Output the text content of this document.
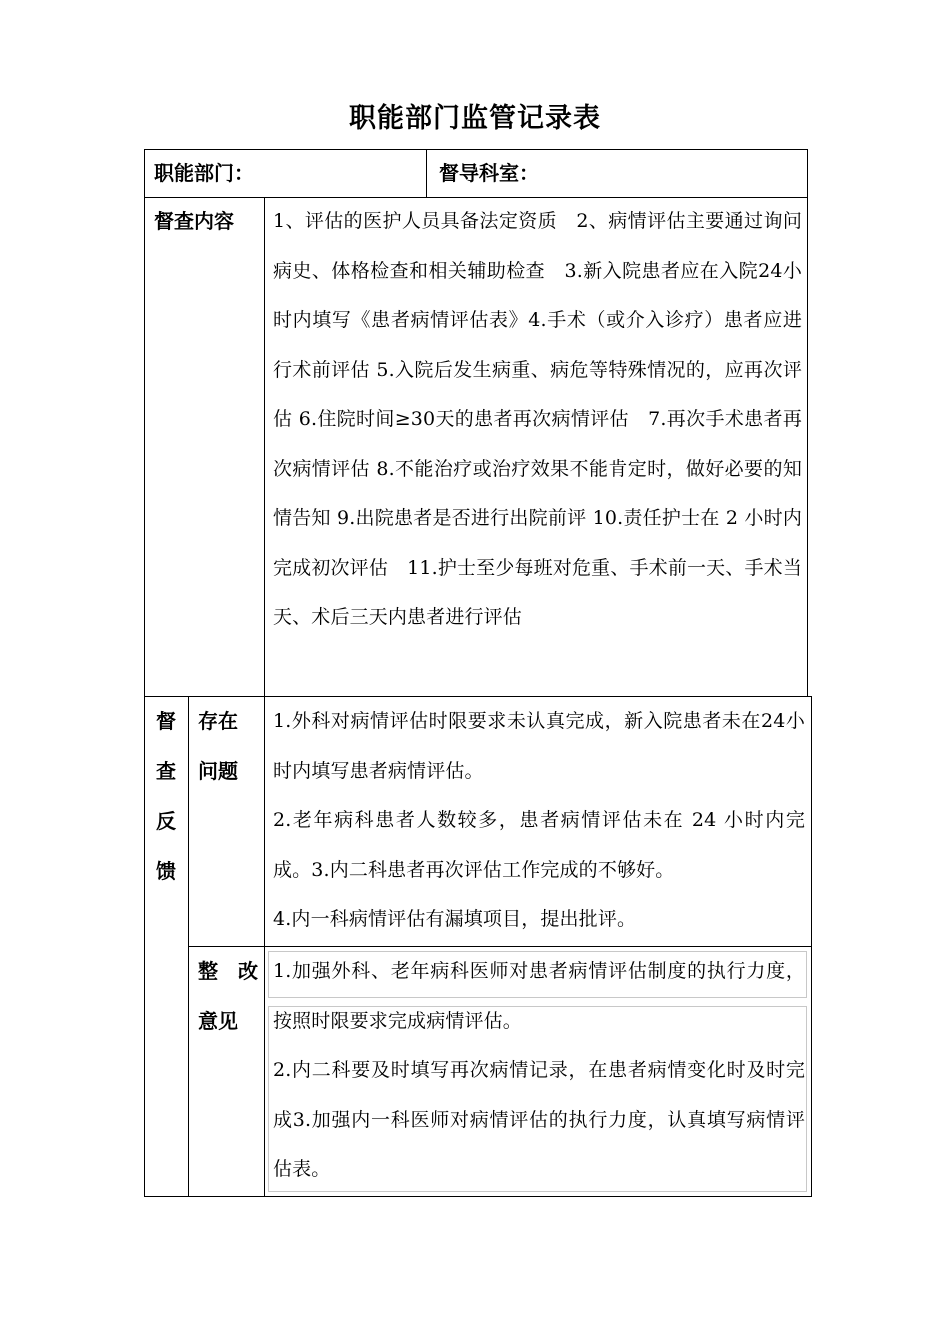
职能部门监管记录表
职能部门：	督导科室：
督查内容 1、评估的医护人员具备法定资质　2、病情评估主要通过询问病史、体格检查和相关辅助检查　3.新入院患者应在入院24小时内填写《患者病情评估表》4.手术（或介入诊疗）患者应进行术前评估 5.入院后发生病重、病危等特殊情况的，应再次评估 6.住院时间≥30天的患者再次病情评估　7.再次手术患者再次病情评估 8.不能治疗或治疗效果不能肯定时，做好必要的知情告知 9.出院患者是否进行出院前评 10.责任护士在 2 小时内完成初次评估　11.护士至少每班对危重、手术前一天、手术当天、术后三天内患者进行评估

督
查
反
馈
存在
问题

1.外科对病情评估时限要求未认真完成，新入院患者未在24小时内填写患者病情评估。

2.老年病科患者人数较多，患者病情评估未在 24 小时内完成。3.内二科患者再次评估工作完成的不够好。

4.内一科病情评估有漏填项目，提出批评。

整　改
意见

1.加强外科、老年病科医师对患者病情评估制度的执行力度，按照时限要求完成病情评估。

2.内二科要及时填写再次病情记录，在患者病情变化时及时完成3.加强内一科医师对病情评估的执行力度，认真填写病情评估表。
